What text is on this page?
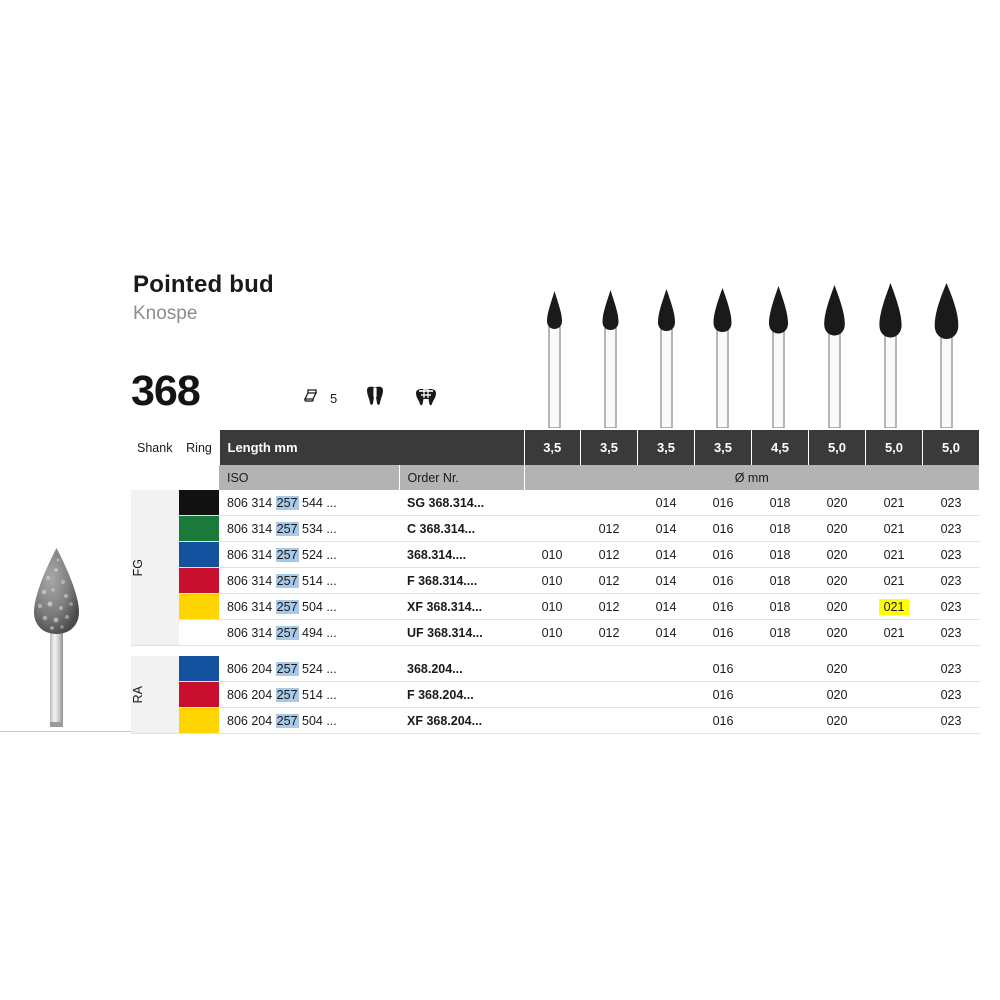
Pointed bud
Knospe
368	5
Shank	Ring	Length mm		3,5	3,5	3,5	3,5	4,5	5,0	5,0	5,0
		ISO	Order Nr.	Ø mm							

FG		806 314 257 544 ...	SG 368.314...			014	016	018	020	021	023

		806 314 257 534 ...	C 368.314...		012	014	016	018	020	021	023

		806 314 257 524 ...	368.314....	010	012	014	016	018	020	021	023

		806 314 257 514 ...	F 368.314....	010	012	014	016	018	020	021	023

		806 314 257 504 ...	XF 368.314...	010	012	014	016	018	020	021	023

		806 314 257 494 ...	UF 368.314...	010	012	014	016	018	020	021	023

RA		806 204 257 524 ...	368.204...				016		020		023

		806 204 257 514 ...	F 368.204...				016		020		023

		806 204 257 504 ...	XF 368.204...				016		020		023
